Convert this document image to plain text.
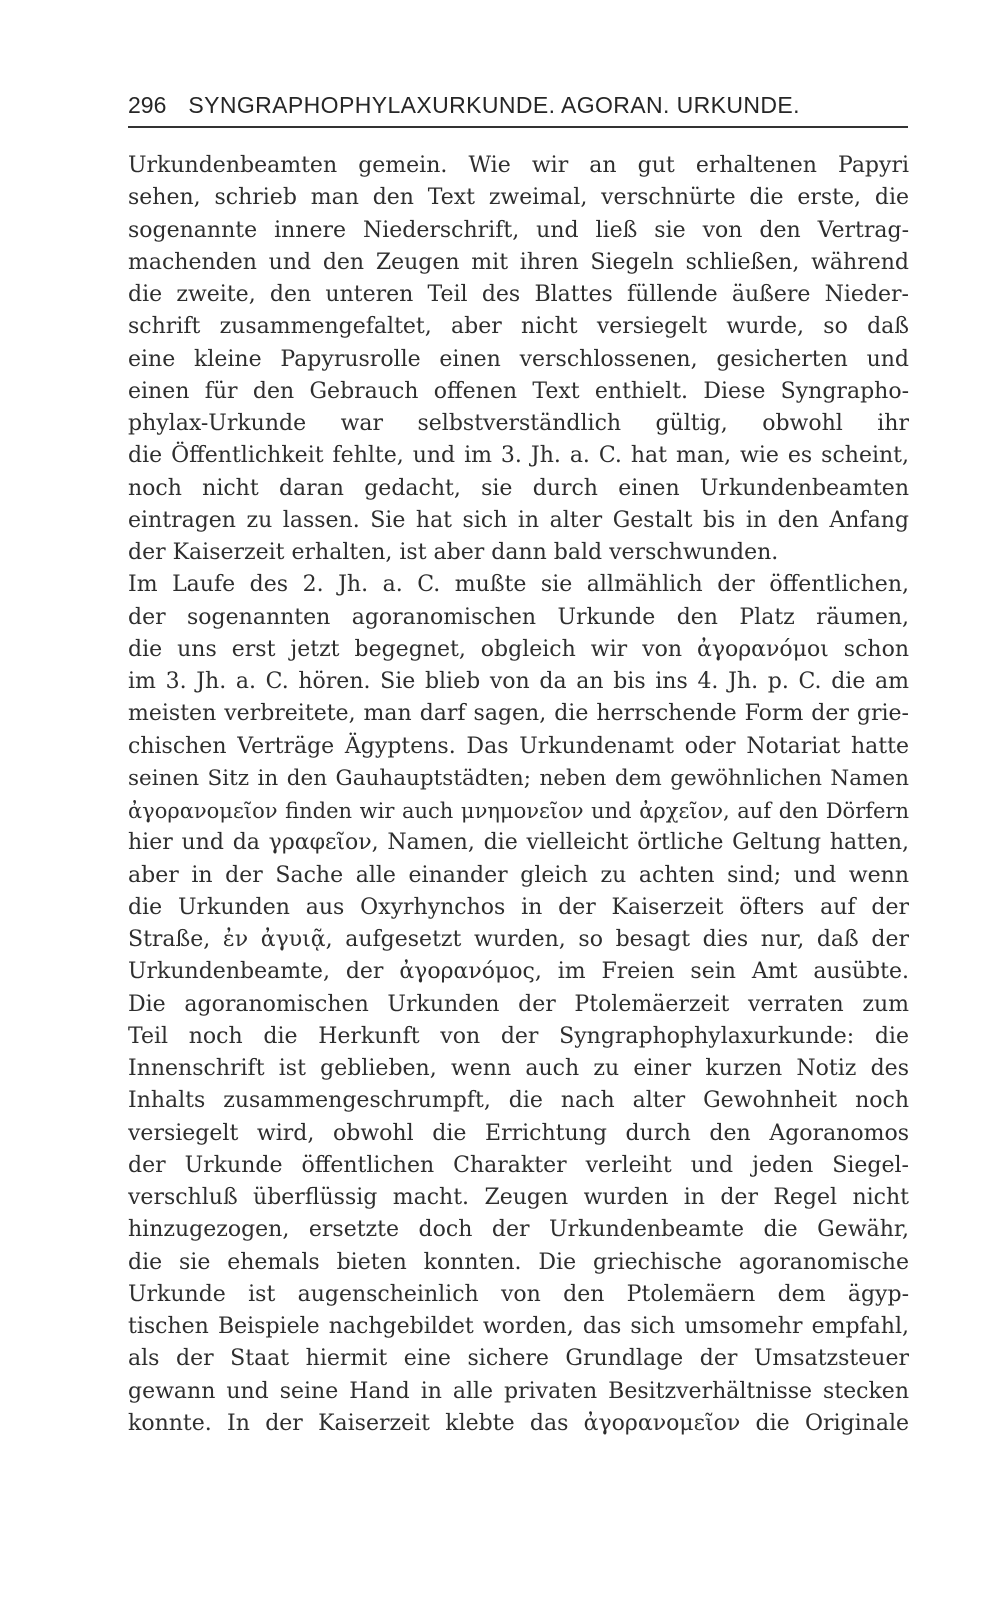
296 SYNGRAPHOPHYLAXURKUNDE. AGORAN. URKUNDE.
Urkundenbeamten gemein. Wie wir an gut erhaltenen Papyri
sehen, schrieb man den Text zweimal, verschnürte die erste, die
sogenannte innere Niederschrift, und ließ sie von den Vertrag-
machenden und den Zeugen mit ihren Siegeln schließen, während
die zweite, den unteren Teil des Blattes füllende äußere Nieder-
schrift zusammengefaltet, aber nicht versiegelt wurde, so daß
eine kleine Papyrusrolle einen verschlossenen, gesicherten und
einen für den Gebrauch offenen Text enthielt. Diese Syngrapho-
phylax-Urkunde war selbstverständlich gültig, obwohl ihr
die Öffentlichkeit fehlte, und im 3. Jh. a. C. hat man, wie es scheint,
noch nicht daran gedacht, sie durch einen Urkundenbeamten
eintragen zu lassen. Sie hat sich in alter Gestalt bis in den Anfang
der Kaiserzeit erhalten, ist aber dann bald verschwunden.
Im Laufe des 2. Jh. a. C. mußte sie allmählich der öffentlichen,
der sogenannten agoranomischen Urkunde den Platz räumen,
die uns erst jetzt begegnet, obgleich wir von ἀγορανόμοι schon
im 3. Jh. a. C. hören. Sie blieb von da an bis ins 4. Jh. p. C. die am
meisten verbreitete, man darf sagen, die herrschende Form der grie-
chischen Verträge Ägyptens. Das Urkundenamt oder Notariat hatte
seinen Sitz in den Gauhauptstädten; neben dem gewöhnlichen Namen
ἀγορανομεῖον finden wir auch μνημονεῖον und ἀρχεῖον, auf den Dörfern
hier und da γραφεῖον, Namen, die vielleicht örtliche Geltung hatten,
aber in der Sache alle einander gleich zu achten sind; und wenn
die Urkunden aus Oxyrhynchos in der Kaiserzeit öfters auf der
Straße, ἐν ἀγυιᾷ, aufgesetzt wurden, so besagt dies nur, daß der
Urkundenbeamte, der ἀγορανόμος, im Freien sein Amt ausübte.
Die agoranomischen Urkunden der Ptolemäerzeit verraten zum
Teil noch die Herkunft von der Syngraphophylaxurkunde: die
Innenschrift ist geblieben, wenn auch zu einer kurzen Notiz des
Inhalts zusammengeschrumpft, die nach alter Gewohnheit noch
versiegelt wird, obwohl die Errichtung durch den Agoranomos
der Urkunde öffentlichen Charakter verleiht und jeden Siegel-
verschluß überflüssig macht. Zeugen wurden in der Regel nicht
hinzugezogen, ersetzte doch der Urkundenbeamte die Gewähr,
die sie ehemals bieten konnten. Die griechische agoranomische
Urkunde ist augenscheinlich von den Ptolemäern dem ägyp-
tischen Beispiele nachgebildet worden, das sich umsomehr empfahl,
als der Staat hiermit eine sichere Grundlage der Umsatzsteuer
gewann und seine Hand in alle privaten Besitzverhältnisse stecken
konnte. In der Kaiserzeit klebte das ἀγορανομεῖον die Originale
